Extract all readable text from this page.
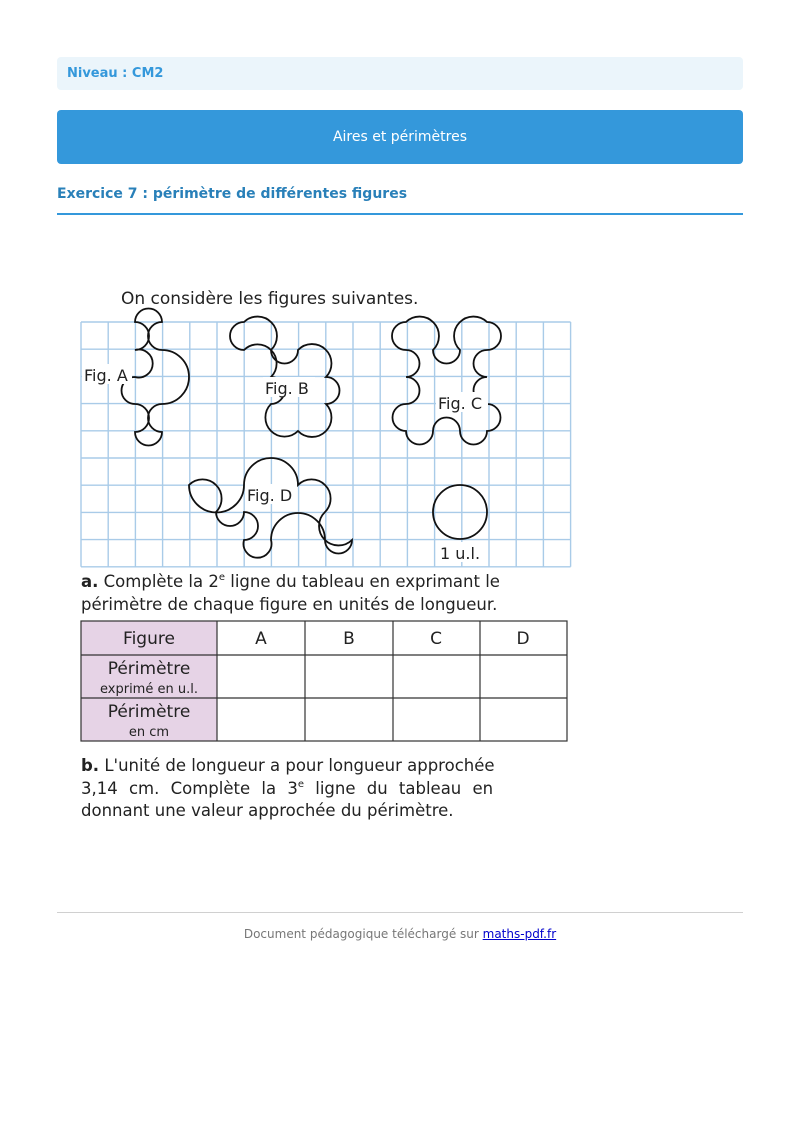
Niveau : CM2
Aires et périmètres
Exercice 7 : périmètre de différentes figures
On considère les figures suivantes.
Fig. A
Fig. B
Fig. C
Fig. D
1 u.l.
a. Complète la 2e ligne du tableau en exprimant le
périmètre de chaque figure en unités de longueur.
Figure	A	B	C	D
Périmètre
exprimé en u.l.
Périmètre
en cm
b. L'unité de longueur a pour longueur approchée
3,14 cm. Complète la 3e ligne du tableau en
donnant une valeur approchée du périmètre.
Document pédagogique téléchargé sur maths-pdf.fr
